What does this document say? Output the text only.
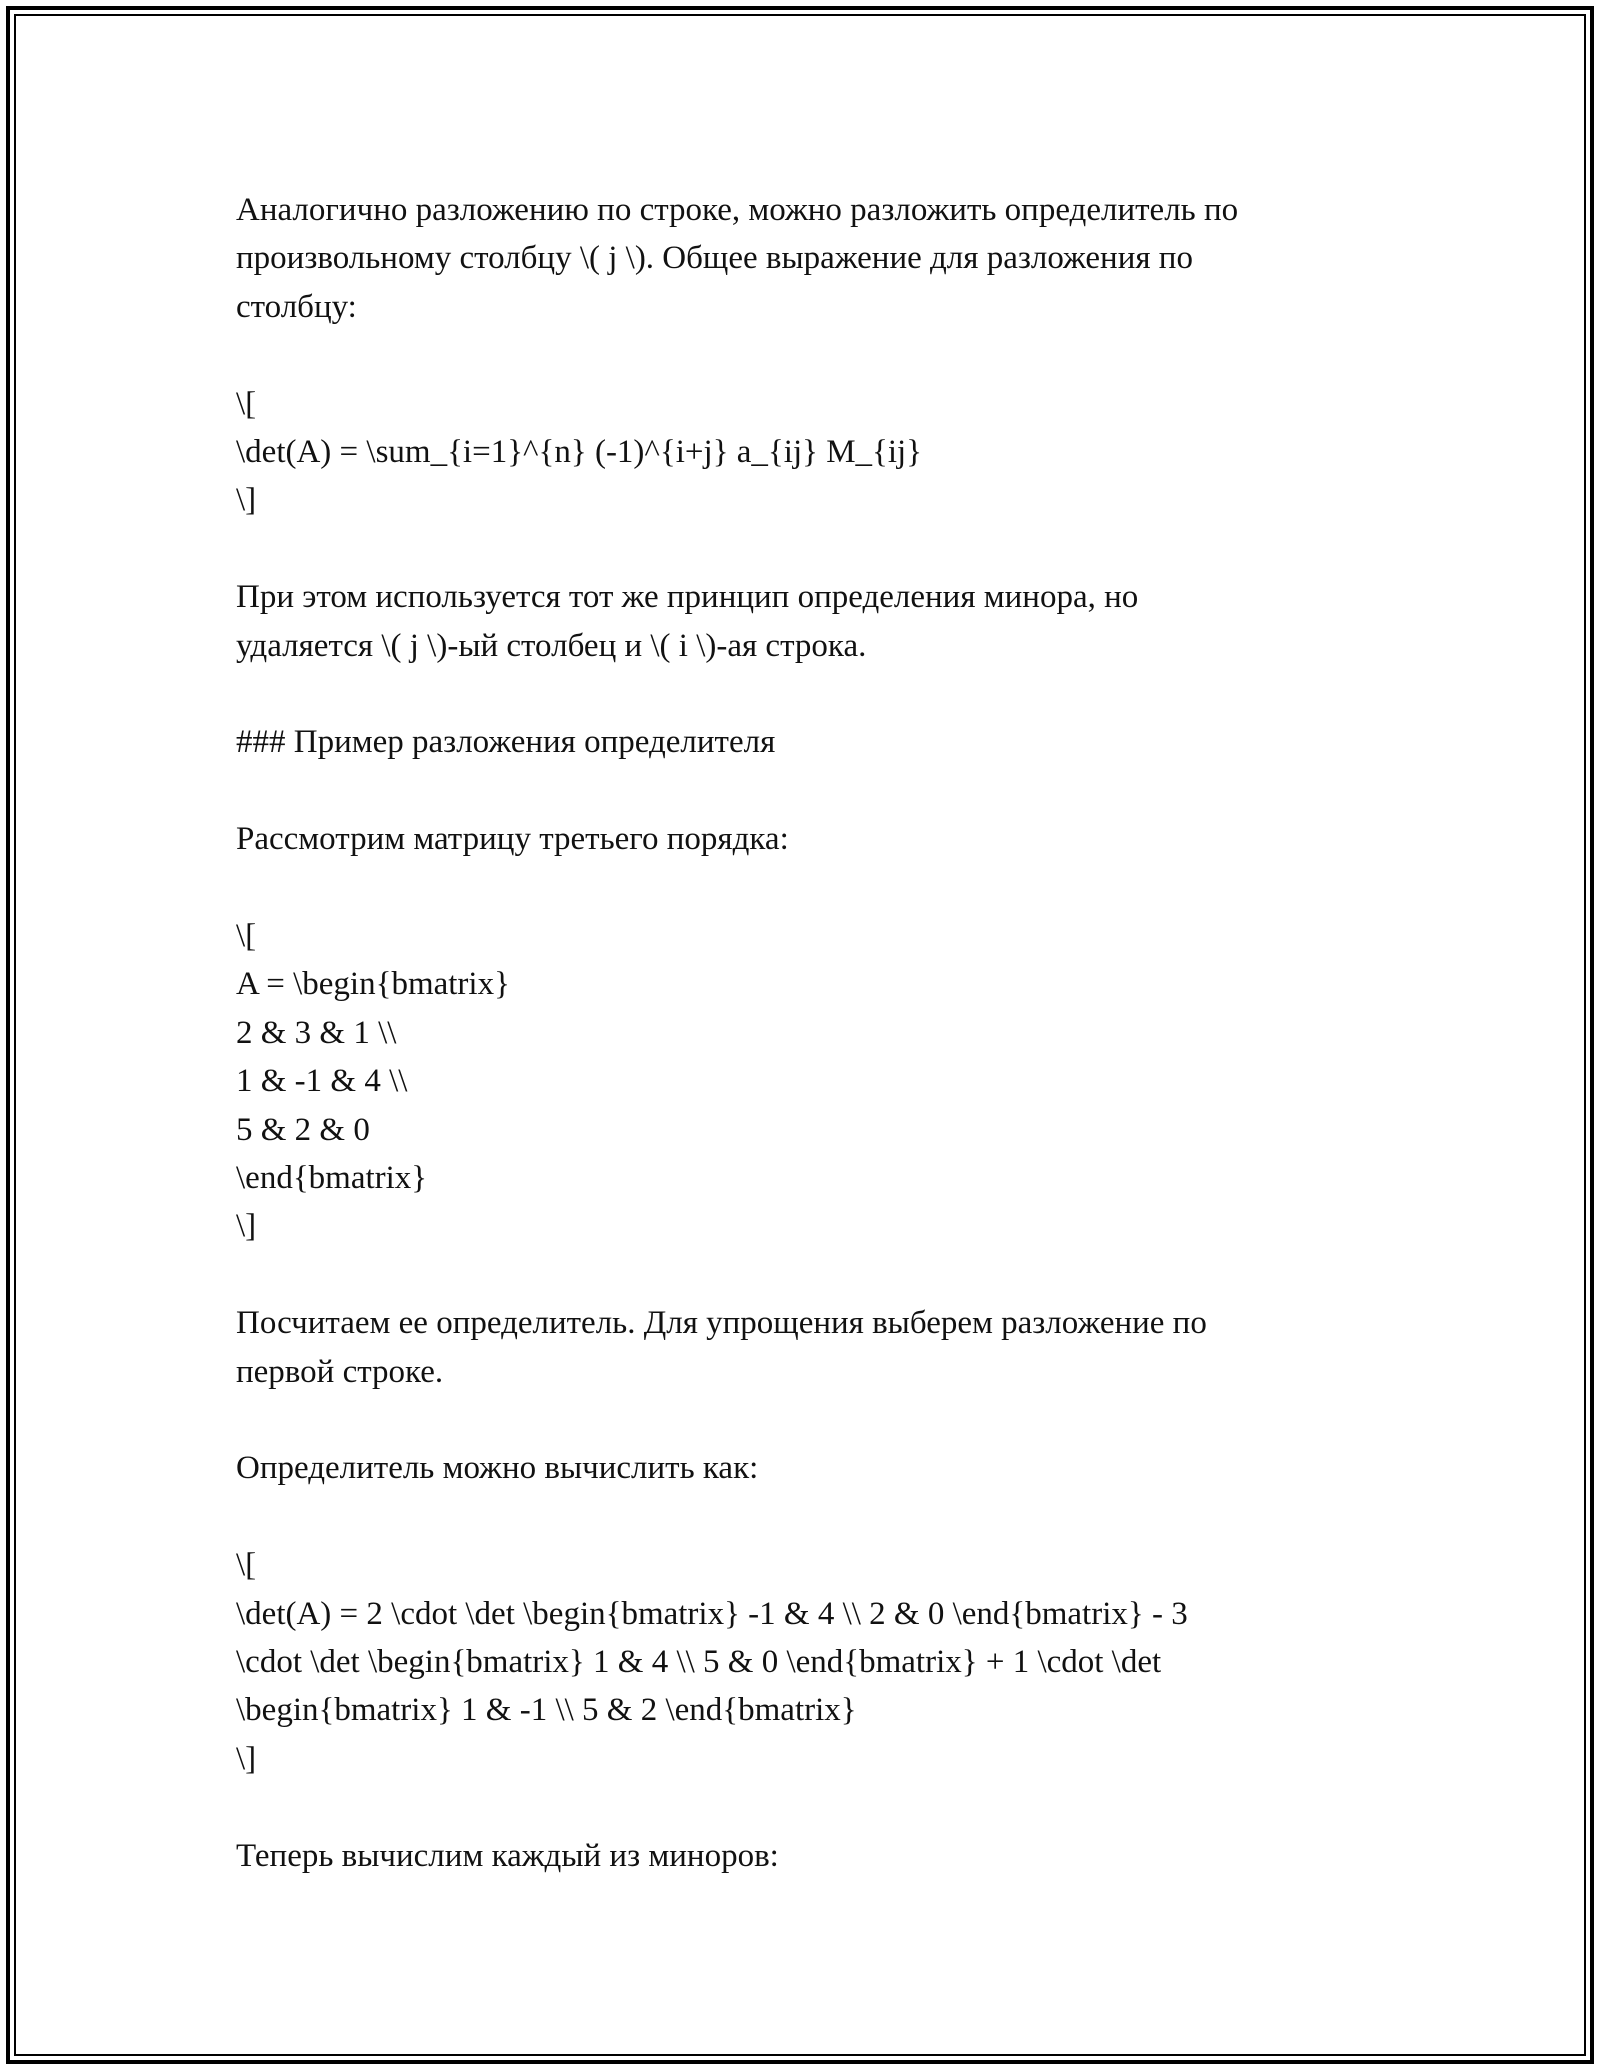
Аналогично разложению по строке, можно разложить определитель по
произвольному столбцу \( j \). Общее выражение для разложения по
столбцу:
\[
\det(A) = \sum_{i=1}^{n} (-1)^{i+j} a_{ij} M_{ij}
\]
При этом используется тот же принцип определения минора, но
удаляется \( j \)-ый столбец и \( i \)-ая строка.
### Пример разложения определителя
Рассмотрим матрицу третьего порядка:
\[
A = \begin{bmatrix}
2 & 3 & 1 \\
1 & -1 & 4 \\
5 & 2 & 0
\end{bmatrix}
\]
Посчитаем ее определитель. Для упрощения выберем разложение по
первой строке.
Определитель можно вычислить как:
\[
\det(A) = 2 \cdot \det \begin{bmatrix} -1 & 4 \\ 2 & 0 \end{bmatrix} - 3
\cdot \det \begin{bmatrix} 1 & 4 \\ 5 & 0 \end{bmatrix} + 1 \cdot \det
\begin{bmatrix} 1 & -1 \\ 5 & 2 \end{bmatrix}
\]
Теперь вычислим каждый из миноров:
